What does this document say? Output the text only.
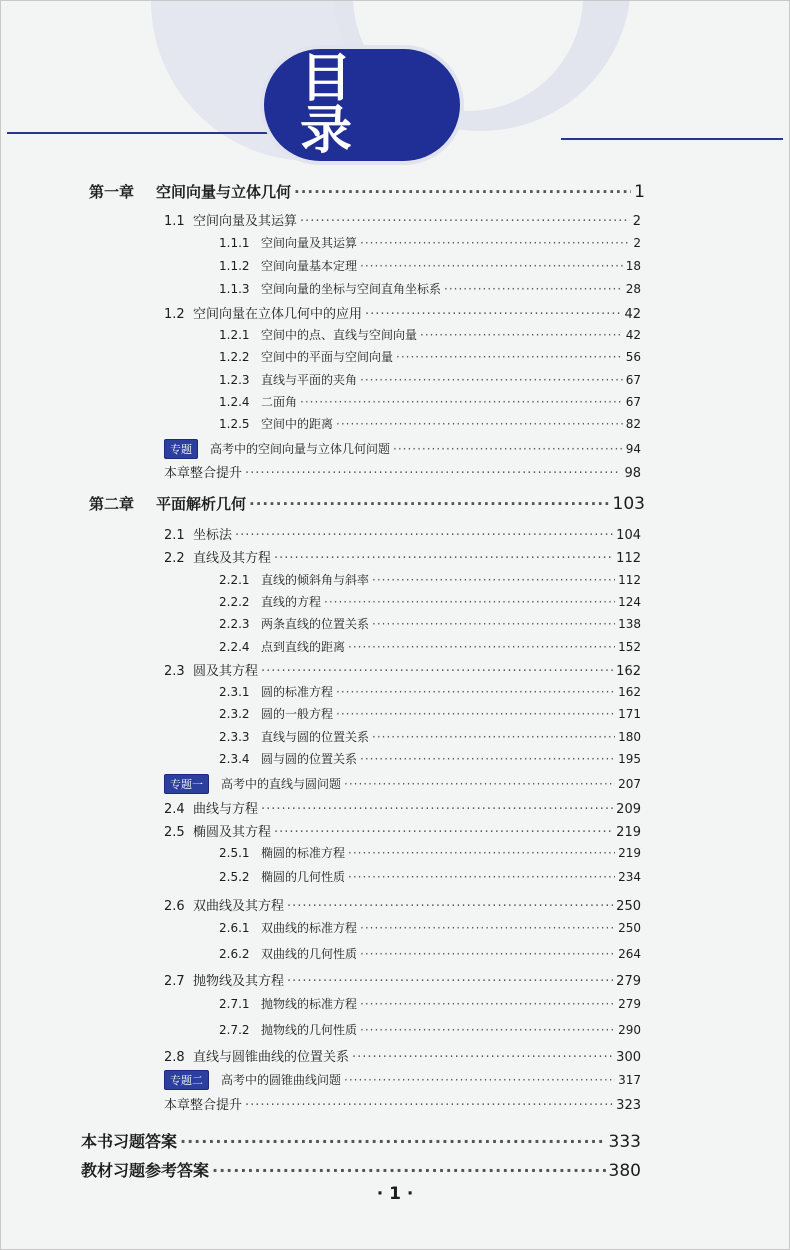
目 录
第一章	空间向量与立体几何 ·····	1
1.1 空间向量及其运算 ·····	2
1.1.1 空间向量及其运算 ·····	2
1.1.2 空间向量基本定理 ·····	18
1.1.3 空间向量的坐标与空间直角坐标系 ·····	28
1.2 空间向量在立体几何中的应用 ·····	42
1.2.1 空间中的点、直线与空间向量 ·····	42
1.2.2 空间中的平面与空间向量 ·····	56
1.2.3 直线与平面的夹角 ·····	67
1.2.4 二面角 ·····	67
1.2.5 空间中的距离 ·····	82
专题	高考中的空间向量与立体几何问题 ·····	94
本章整合提升 ·····	98
第二章	平面解析几何 ·····	103
2.1 坐标法 ·····	104
2.2 直线及其方程 ·····	112
2.2.1 直线的倾斜角与斜率 ·····	112
2.2.2 直线的方程 ·····	124
2.2.3 两条直线的位置关系 ·····	138
2.2.4 点到直线的距离 ·····	152
2.3 圆及其方程 ·····	162
2.3.1 圆的标准方程 ·····	162
2.3.2 圆的一般方程 ·····	171
2.3.3 直线与圆的位置关系 ·····	180
2.3.4 圆与圆的位置关系 ·····	195
专题一	高考中的直线与圆问题 ·····	207
2.4 曲线与方程 ·····	209
2.5 椭圆及其方程 ·····	219
2.5.1 椭圆的标准方程 ·····	219
2.5.2 椭圆的几何性质 ·····	234
2.6 双曲线及其方程 ·····	250
2.6.1 双曲线的标准方程 ·····	250
2.6.2 双曲线的几何性质 ·····	264
2.7 抛物线及其方程 ·····	279
2.7.1 抛物线的标准方程 ·····	279
2.7.2 抛物线的几何性质 ·····	290
2.8 直线与圆锥曲线的位置关系 ·····	300
专题二	高考中的圆锥曲线问题 ·····	317
本章整合提升 ·····	323
本书习题答案 ·····	333
教材习题参考答案 ·····	380
· 1 ·
